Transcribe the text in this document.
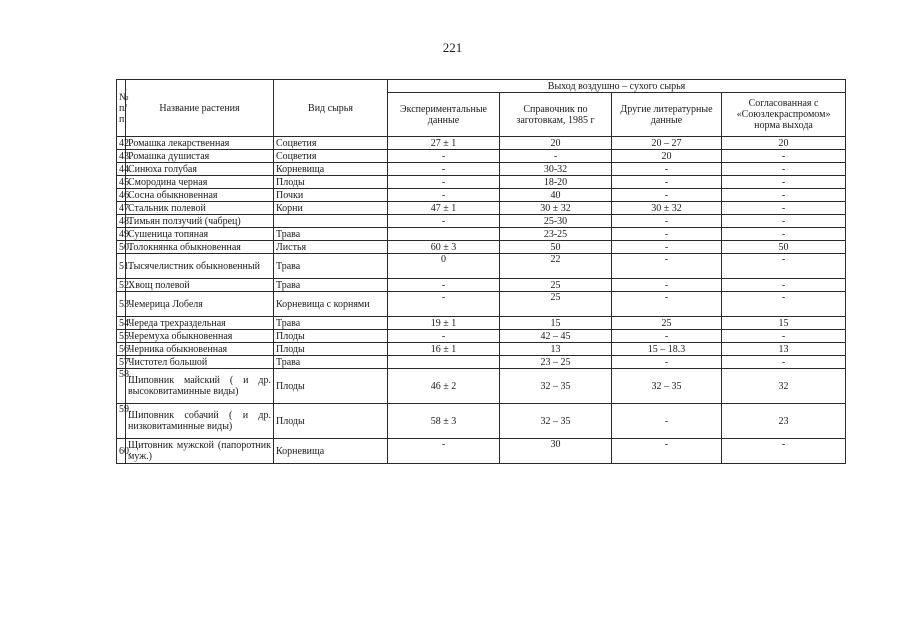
221
№ п/п	Название растения	Вид сырья	Выход воздушно – сухого сырья			
			Экспериментальные данные	Справочник по заготовкам, 1985 г	Другие литературные данные	Согласованная с «Союзлекраспромом» норма выхода
42.	Ромашка лекарственная	Соцветия	27 ± 1	20	20 – 27	20
43.	Ромашка душистая	Соцветия	-	-	20	-
44.	Синюха голубая	Корневища	-	30-32	-	-
45.	Смородина черная	Плоды	-	18-20	-	-
46.	Сосна обыкновенная	Почки	-	40	-	-
47.	Стальник полевой	Корни	47 ± 1	30 ± 32	30 ± 32	-
48.	Тимьян ползучий (чабрец)		-	25-30	-	-
49.	Сушеница топяная	Трава		23-25	-	-
50.	Толокнянка обыкновенная	Листья	60 ± 3	50	-	50
51.	Тысячелистник обыкновенный	Трава	0	22	-	-
52.	Хвощ полевой	Трава	-	25	-	-
53.	Чемерица Лобеля	Корневища с корнями	-	25	-	-
54.	Череда трехраздельная	Трава	19 ± 1	15	25	15
55.	Черемуха обыкновенная	Плоды	-	42 – 45	-	-
56.	Черника обыкновенная	Плоды	16 ± 1	13	15 – 18.3	13
57.	Чистотел большой	Трава		23 – 25	-	-
58.	Шиповник майский ( и др. высоковитаминные виды)	Плоды	46 ± 2	32 – 35	32 – 35	32
59.	Шиповник собачий ( и др. низковитаминные виды)	Плоды	58 ± 3	32 – 35	-	23
60.	Щитовник мужской (папоротник муж.)	Корневища	-	30	-	-
